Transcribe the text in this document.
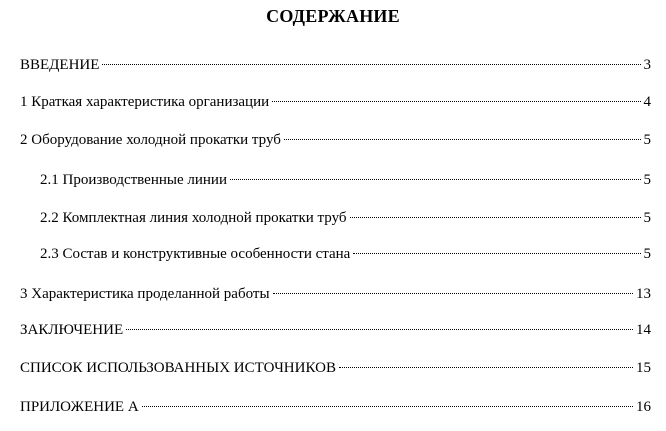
СОДЕРЖАНИЕ
ВВЕДЕНИЕ	3
1 Краткая характеристика организации	4
2 Оборудование холодной прокатки труб	5
2.1 Производственные линии	5
2.2 Комплектная линия холодной прокатки труб	5
2.3 Состав и конструктивные особенности стана	5
3 Характеристика проделанной работы	13
ЗАКЛЮЧЕНИЕ	14
СПИСОК ИСПОЛЬЗОВАННЫХ ИСТОЧНИКОВ	15
ПРИЛОЖЕНИЕ А	16
